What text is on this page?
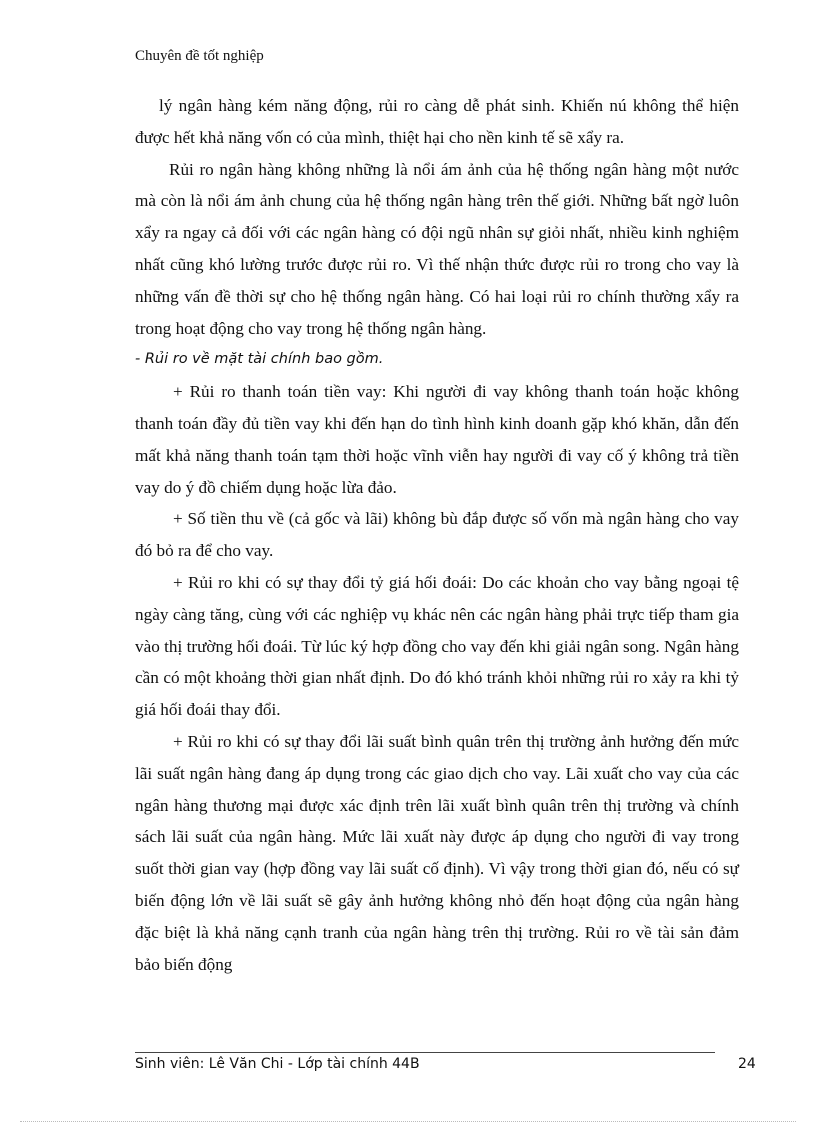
Chuyên đề tốt nghiệp

lý ngân hàng kém năng động, rủi ro càng dễ phát sinh. Khiến nú không thể hiện được hết khả năng vốn có của mình, thiệt hại cho nền kinh tế sẽ xẩy ra.

Rủi ro ngân hàng không những là nổi ám ảnh của hệ thống ngân hàng một nước mà còn là nổi ám ảnh chung của hệ thống ngân hàng trên thế giới. Những bất ngờ luôn xẩy ra ngay cả đối với các ngân hàng có đội ngũ nhân sự giỏi nhất, nhiều kinh nghiệm nhất cũng khó lường trước được rủi ro. Vì thế nhận thức được rủi ro trong cho vay là những vấn đề thời sự cho hệ thống ngân hàng. Có hai loại rủi ro chính thường xẩy ra trong hoạt động cho vay trong hệ thống ngân hàng.

- Rủi ro về mặt tài chính bao gồm.

+ Rủi ro thanh toán tiền vay: Khi người đi vay không thanh toán hoặc không thanh toán đầy đủ tiền vay khi đến hạn do tình hình kinh doanh gặp khó khăn, dẫn đến mất khả năng thanh toán tạm thời hoặc vĩnh viễn hay người đi vay cố ý không trả tiền vay do ý đồ chiếm dụng hoặc lừa đảo.

+ Số tiền thu về (cả gốc và lãi) không bù đắp được số vốn mà ngân hàng cho vay đó bỏ ra để cho vay.

+ Rủi ro khi có sự thay đổi tỷ giá hối đoái: Do các khoản cho vay bằng ngoại tệ ngày càng tăng, cùng với các nghiệp vụ khác nên các ngân hàng phải trực tiếp tham gia vào thị trường hối đoái. Từ lúc ký hợp đồng cho vay đến khi giải ngân song. Ngân hàng cần có một khoảng thời gian nhất định. Do đó khó tránh khỏi những rủi ro xảy ra khi tỷ giá hối đoái thay đổi.

+ Rủi ro khi có sự thay đổi lãi suất bình quân trên thị trường ảnh hưởng đến mức lãi suất ngân hàng đang áp dụng trong các giao dịch cho vay. Lãi xuất cho vay của các ngân hàng thương mại được xác định trên lãi xuất bình quân trên thị trường và chính sách lãi suất của ngân hàng. Mức lãi xuất này được áp dụng cho người đi vay trong suốt thời gian vay (hợp đồng vay lãi suất cố định). Vì vậy trong thời gian đó, nếu có sự biến động lớn về lãi suất sẽ gây ảnh hưởng không nhỏ đến hoạt động của ngân hàng đặc biệt là khả năng cạnh tranh của ngân hàng trên thị trường. Rủi ro về tài sản đảm bảo biến động

Sinh viên: Lê Văn Chi - Lớp tài chính 44B	24
